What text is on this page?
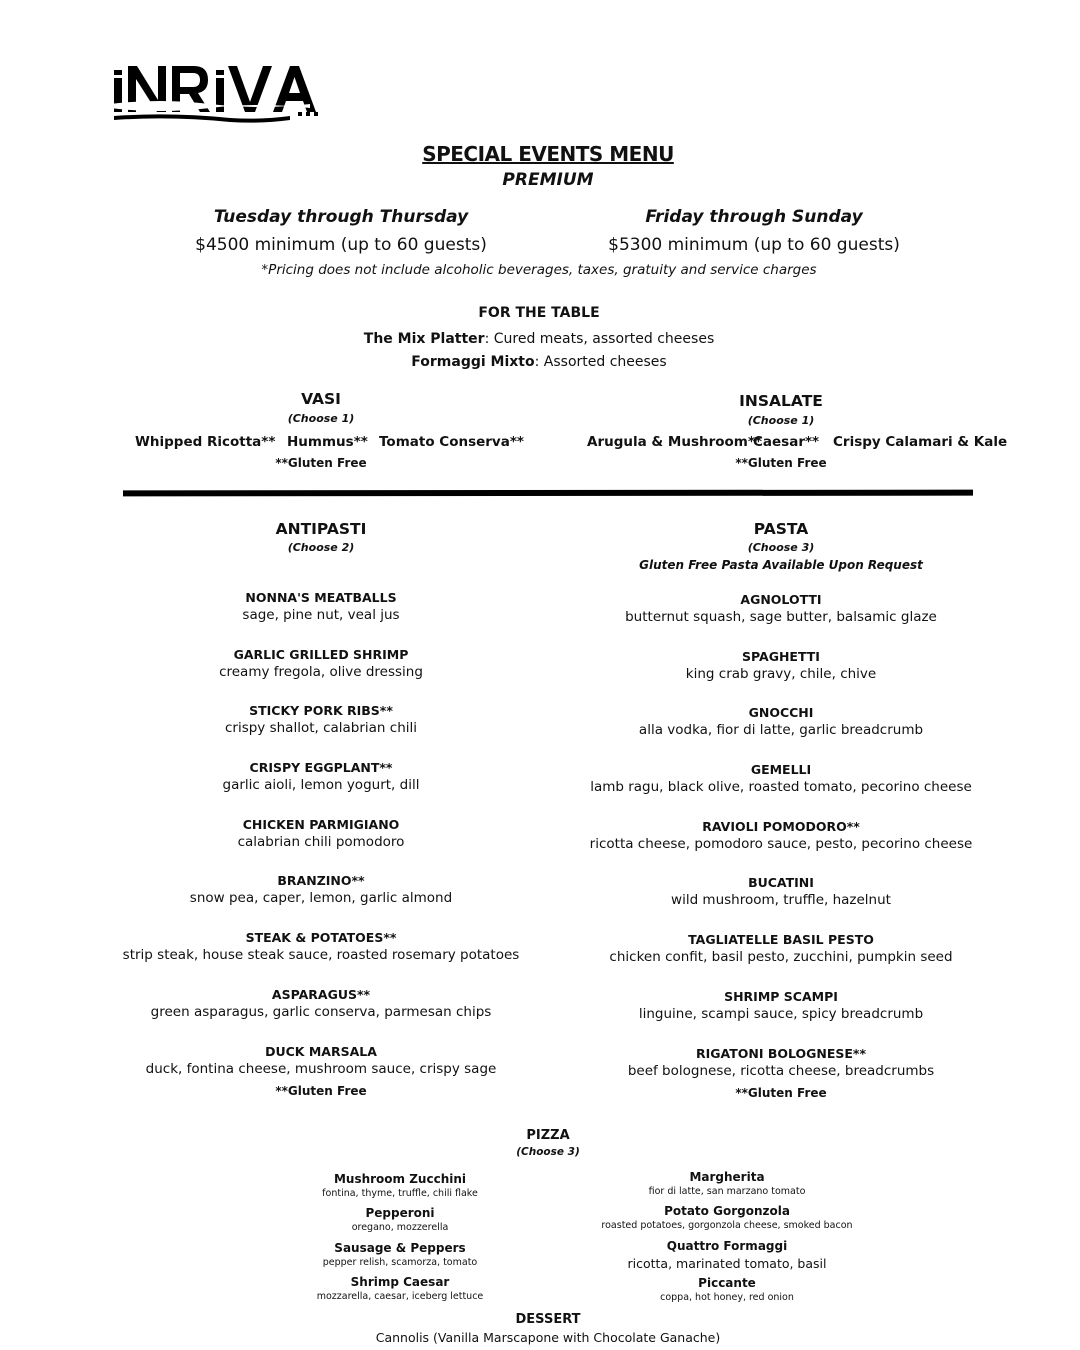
SPECIAL EVENTS MENU
PREMIUM
Tuesday through Thursday
$4500 minimum (up to 60 guests)
Friday through Sunday
$5300 minimum (up to 60 guests)
*Pricing does not include alcoholic beverages, taxes, gratuity and service charges
FOR THE TABLE
The Mix Platter: Cured meats, assorted cheeses
Formaggi Mixto: Assorted cheeses
VASI
(Choose 1)
Whipped Ricotta** Hummus** Tomato Conserva**
**Gluten Free
INSALATE
(Choose 1)
Arugula & Mushroom**
Caesar** Crispy Calamari & Kale
**Gluten Free
ANTIPASTI
(Choose 2)
NONNA'S MEATBALLS
sage, pine nut, veal jus
GARLIC GRILLED SHRIMP
creamy fregola, olive dressing
STICKY PORK RIBS**
crispy shallot, calabrian chili
CRISPY EGGPLANT**
garlic aioli, lemon yogurt, dill
CHICKEN PARMIGIANO
calabrian chili pomodoro
BRANZINO**
snow pea, caper, lemon, garlic almond
STEAK & POTATOES**
strip steak, house steak sauce, roasted rosemary potatoes
ASPARAGUS**
green asparagus, garlic conserva, parmesan chips
DUCK MARSALA
duck, fontina cheese, mushroom sauce, crispy sage
**Gluten Free
PASTA
(Choose 3)
Gluten Free Pasta Available Upon Request
AGNOLOTTI
butternut squash, sage butter, balsamic glaze
SPAGHETTI
king crab gravy, chile, chive
GNOCCHI
alla vodka, fior di latte, garlic breadcrumb
GEMELLI
lamb ragu, black olive, roasted tomato, pecorino cheese
RAVIOLI POMODORO**
ricotta cheese, pomodoro sauce, pesto, pecorino cheese
BUCATINI
wild mushroom, truffle, hazelnut
TAGLIATELLE BASIL PESTO
chicken confit, basil pesto, zucchini, pumpkin seed
SHRIMP SCAMPI
linguine, scampi sauce, spicy breadcrumb
RIGATONI BOLOGNESE**
beef bolognese, ricotta cheese, breadcrumbs
**Gluten Free
PIZZA
(Choose 3)
Mushroom Zucchini
fontina, thyme, truffle, chili flake
Pepperoni
oregano, mozzerella
Sausage & Peppers
pepper relish, scamorza, tomato
Shrimp Caesar
mozzarella, caesar, iceberg lettuce
Margherita
fior di latte, san marzano tomato
Potato Gorgonzola
roasted potatoes, gorgonzola cheese, smoked bacon
Quattro Formaggi
ricotta, marinated tomato, basil
Piccante
coppa, hot honey, red onion
DESSERT
Cannolis (Vanilla Marscapone with Chocolate Ganache)
